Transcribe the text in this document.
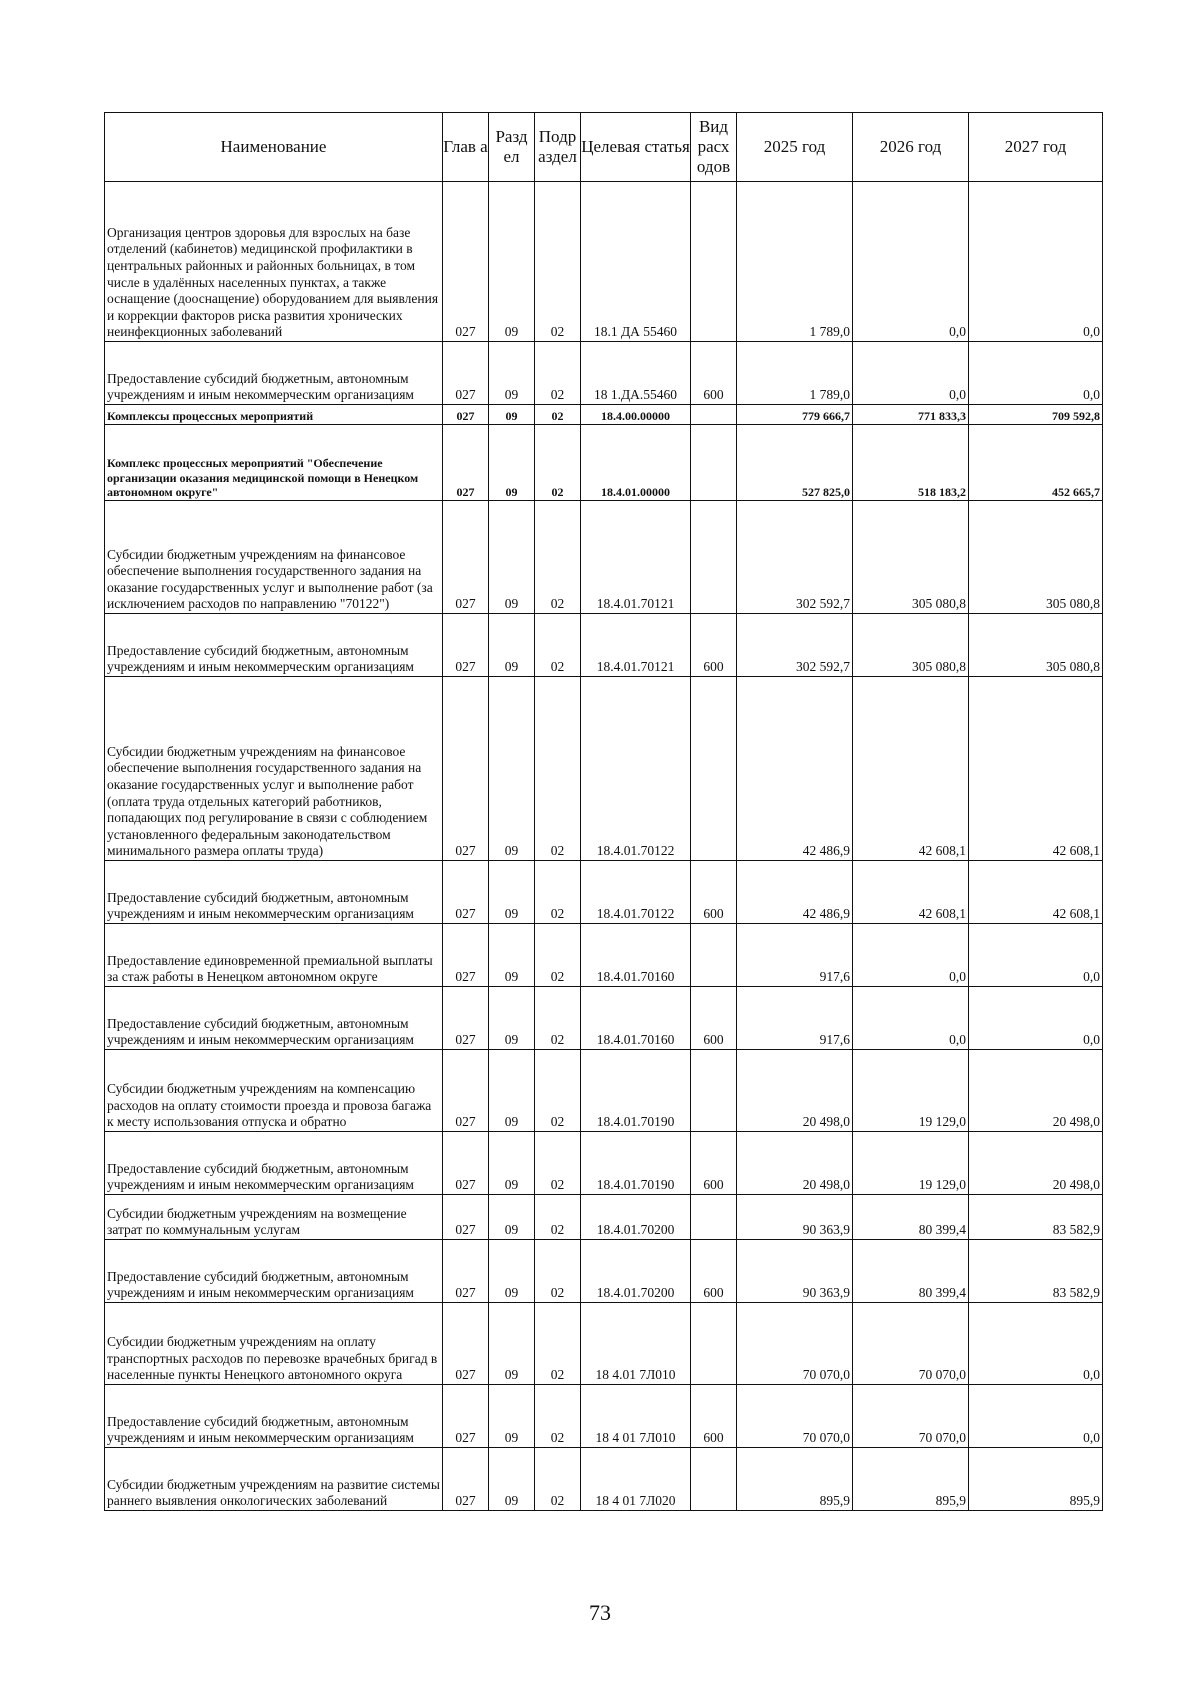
Наименование	Глав а	Разд ел	Подр аздел	Целевая статья	Вид расх одов	2025 год	2026 год	2027 год
Организация центров здоровья для взрослых на базе отделений (кабинетов) медицинской профилактики в центральных районных и районных больницах, в том числе в удалённых населенных пунктах, а также оснащение (дооснащение) оборудованием для выявления и коррекции факторов риска развития хронических неинфекционных заболеваний	027	09	02	18.1 ДА 55460		1 789,0	0,0	0,0
Предоставление субсидий бюджетным, автономным учреждениям и иным некоммерческим организациям	027	09	02	18 1.ДА.55460	600	1 789,0	0,0	0,0
Комплексы процессных мероприятий	027	09	02	18.4.00.00000		779 666,7	771 833,3	709 592,8
Комплекс процессных мероприятий "Обеспечение организации оказания медицинской помощи в Ненецком автономном округе"	027	09	02	18.4.01.00000		527 825,0	518 183,2	452 665,7
Субсидии бюджетным учреждениям на финансовое обеспечение выполнения государственного задания на оказание государственных услуг и выполнение работ (за исключением расходов по направлению "70122")	027	09	02	18.4.01.70121		302 592,7	305 080,8	305 080,8
Предоставление субсидий бюджетным, автономным учреждениям и иным некоммерческим организациям	027	09	02	18.4.01.70121	600	302 592,7	305 080,8	305 080,8
Субсидии бюджетным учреждениям на финансовое обеспечение выполнения государственного задания на оказание государственных услуг и выполнение работ (оплата труда отдельных категорий работников, попадающих под регулирование в связи с соблюдением установленного федеральным законодательством минимального размера оплаты труда)	027	09	02	18.4.01.70122		42 486,9	42 608,1	42 608,1
Предоставление субсидий бюджетным, автономным учреждениям и иным некоммерческим организациям	027	09	02	18.4.01.70122	600	42 486,9	42 608,1	42 608,1
Предоставление единовременной премиальной выплаты за стаж работы в Ненецком автономном округе	027	09	02	18.4.01.70160		917,6	0,0	0,0
Предоставление субсидий бюджетным, автономным учреждениям и иным некоммерческим организациям	027	09	02	18.4.01.70160	600	917,6	0,0	0,0
Субсидии бюджетным учреждениям на компенсацию расходов на оплату стоимости проезда и провоза багажа к месту использования отпуска и обратно	027	09	02	18.4.01.70190		20 498,0	19 129,0	20 498,0
Предоставление субсидий бюджетным, автономным учреждениям и иным некоммерческим организациям	027	09	02	18.4.01.70190	600	20 498,0	19 129,0	20 498,0
Субсидии бюджетным учреждениям на возмещение затрат по коммунальным услугам	027	09	02	18.4.01.70200		90 363,9	80 399,4	83 582,9
Предоставление субсидий бюджетным, автономным учреждениям и иным некоммерческим организациям	027	09	02	18.4.01.70200	600	90 363,9	80 399,4	83 582,9
Субсидии бюджетным учреждениям на оплату транспортных расходов по перевозке врачебных бригад в населенные пункты Ненецкого автономного округа	027	09	02	18 4.01 7Л010		70 070,0	70 070,0	0,0
Предоставление субсидий бюджетным, автономным учреждениям и иным некоммерческим организациям	027	09	02	18 4 01 7Л010	600	70 070,0	70 070,0	0,0
Субсидии бюджетным учреждениям на развитие системы раннего выявления онкологических заболеваний	027	09	02	18 4 01 7Л020		895,9	895,9	895,9
73
